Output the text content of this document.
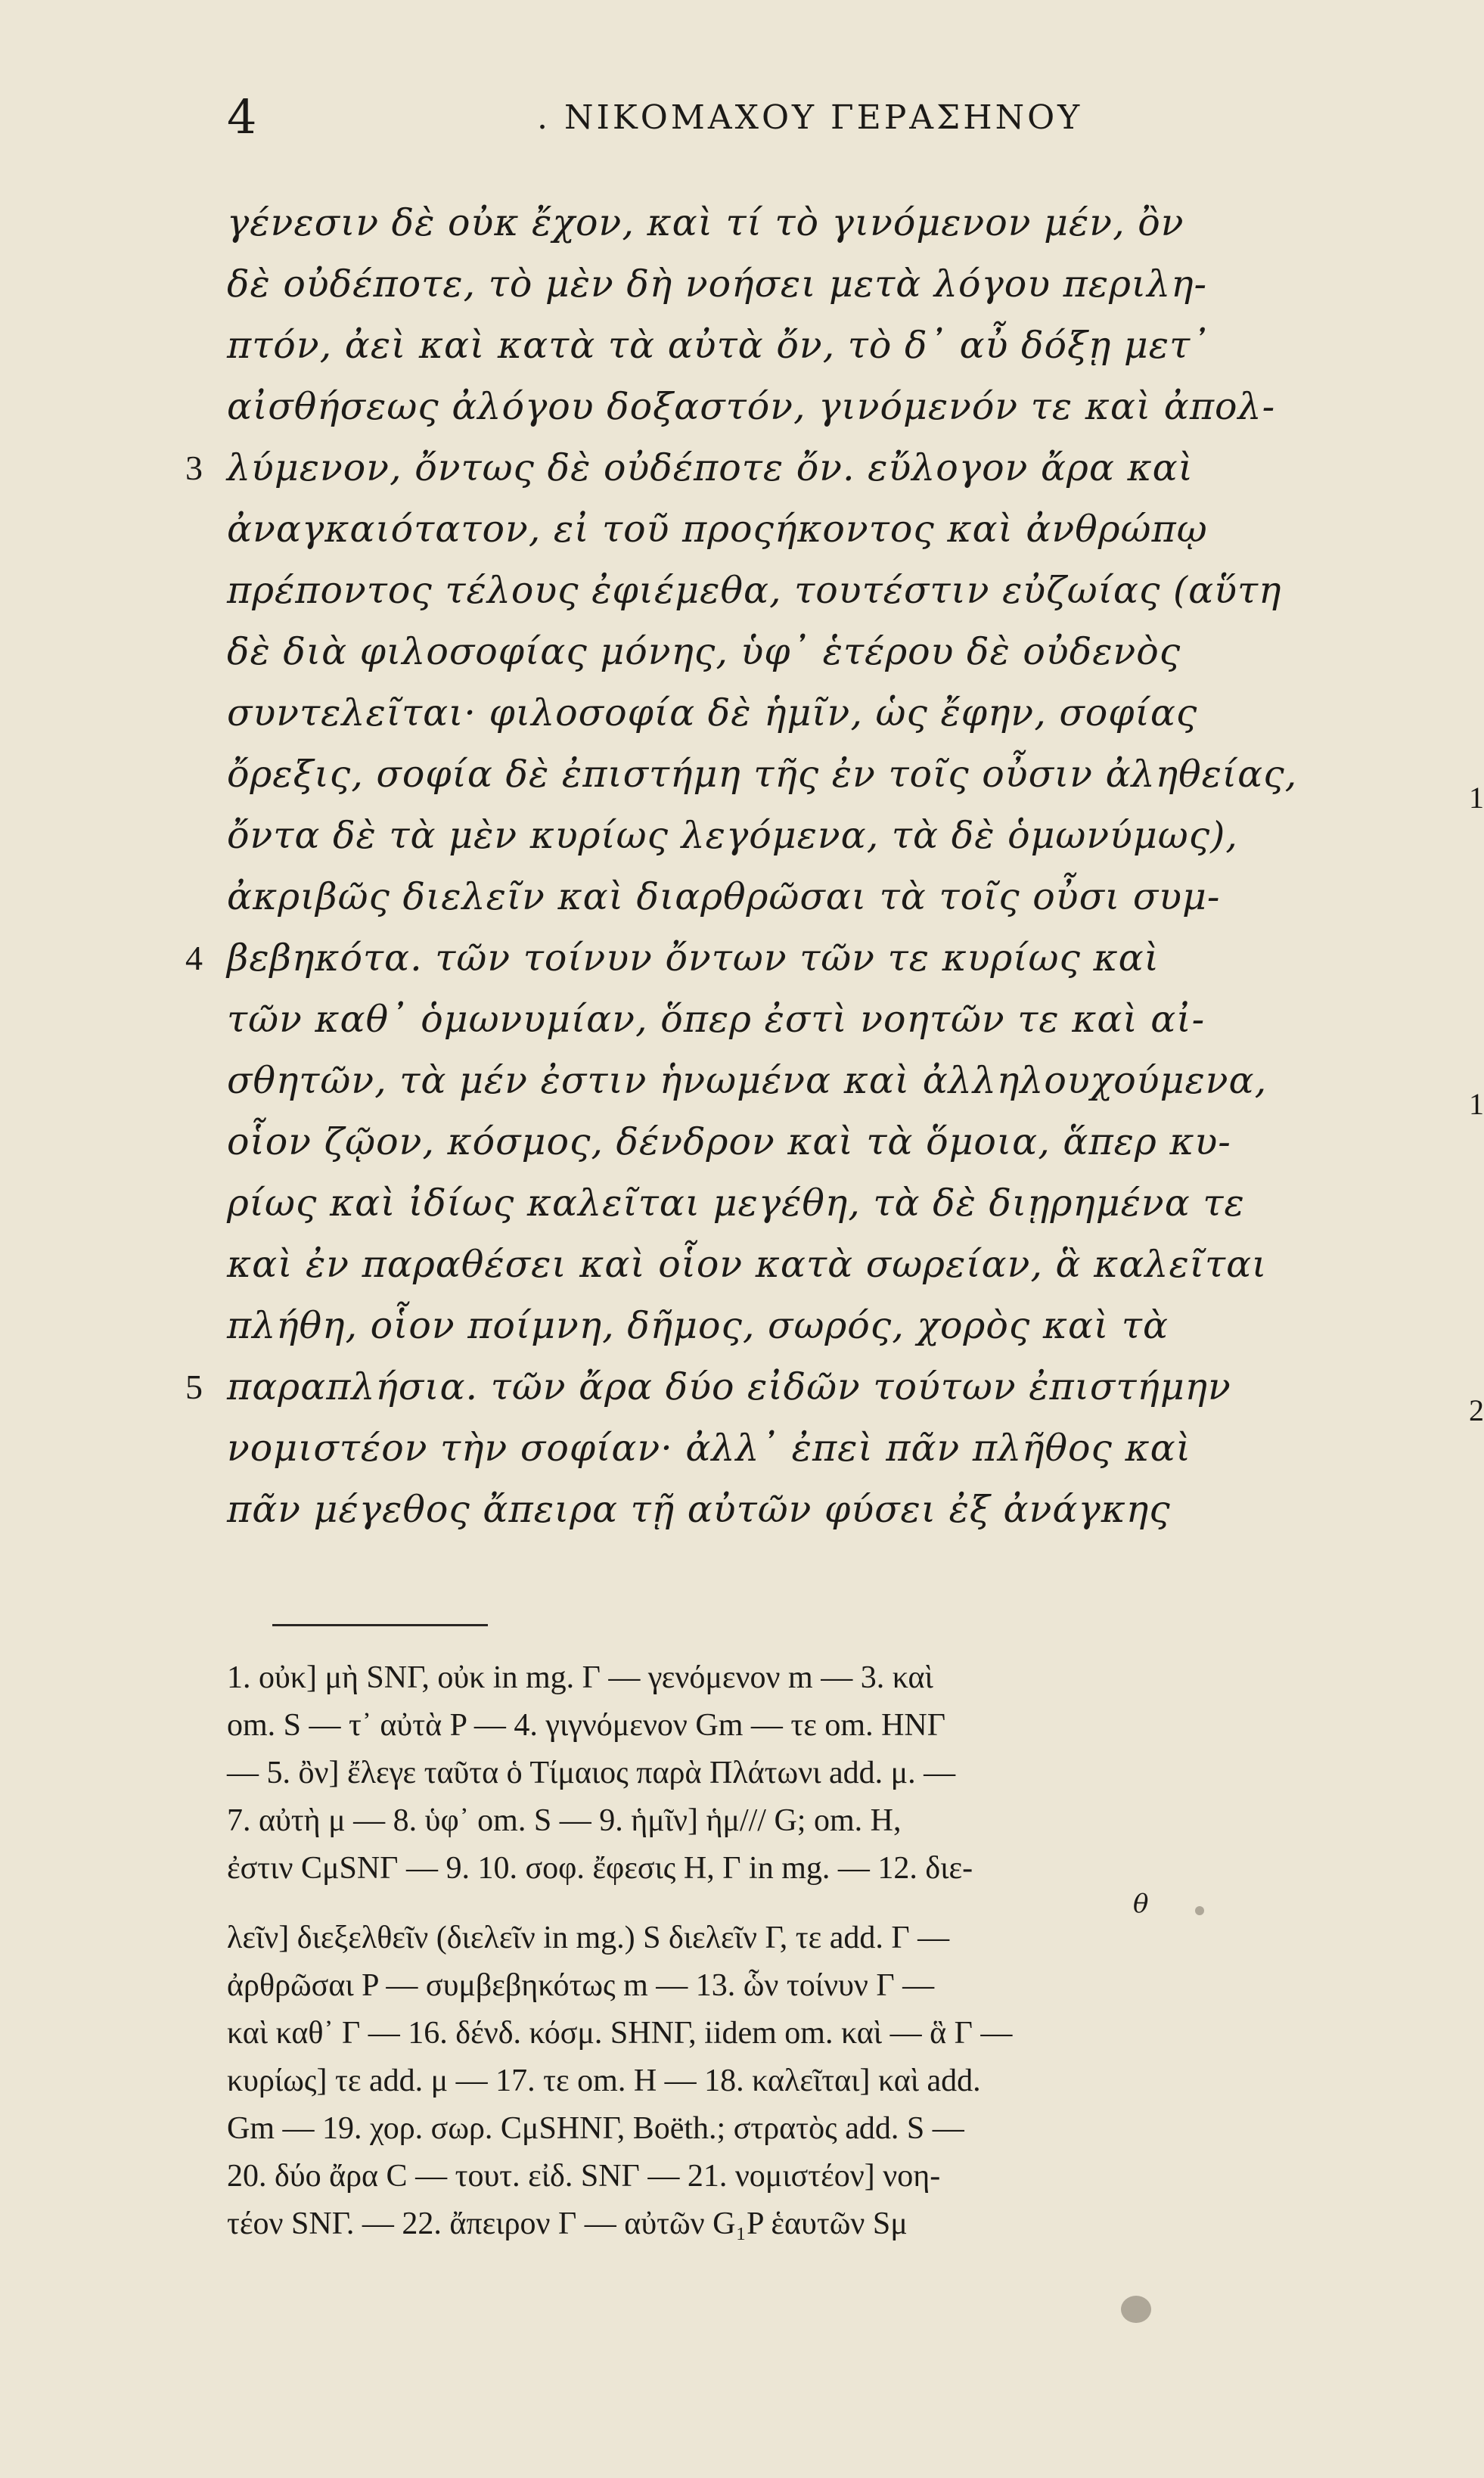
4	. ΝΙΚΟΜΑΧΟΥ ΓΕΡΑΣΗΝΟΥ
γένεσιν δὲ οὐκ ἔχον, καὶ τί τὸ γινόμενον μέν, ὂν
δὲ οὐδέποτε, τὸ μὲν δὴ νοήσει μετὰ λόγου περιλη-
πτόν, ἀεὶ καὶ κατὰ τὰ αὐτὰ ὄν, τὸ δ᾽ αὖ δόξῃ μετ᾽
αἰσθήσεως ἀλόγου δοξαστόν, γινόμενόν τε καὶ ἀπολ-
λύμενον, ὄντως δὲ οὐδέποτε ὄν. εὔλογον ἄρα καὶ
ἀναγκαιότατον, εἰ τοῦ προςήκοντος καὶ ἀνθρώπῳ
πρέποντος τέλους ἐφιέμεθα, τουτέστιν εὐζωίας (αὕτη
δὲ διὰ φιλοσοφίας μόνης, ὑφ᾽ ἑτέρου δὲ οὐδενὸς
συντελεῖται· φιλοσοφία δὲ ἡμῖν, ὡς ἔφην, σοφίας
ὄρεξις, σοφία δὲ ἐπιστήμη τῆς ἐν τοῖς οὖσιν ἀληθείας,
ὄντα δὲ τὰ μὲν κυρίως λεγόμενα, τὰ δὲ ὁμωνύμως),
ἀκριβῶς διελεῖν καὶ διαρθρῶσαι τὰ τοῖς οὖσι συμ-
βεβηκότα. τῶν τοίνυν ὄντων τῶν τε κυρίως καὶ
τῶν καθ᾽ ὁμωνυμίαν, ὅπερ ἐστὶ νοητῶν τε καὶ αἰ-
σθητῶν, τὰ μέν ἐστιν ἡνωμένα καὶ ἀλληλουχούμενα,
οἷον ζῷον, κόσμος, δένδρον καὶ τὰ ὅμοια, ἅπερ κυ-
ρίως καὶ ἰδίως καλεῖται μεγέθη, τὰ δὲ διῃρημένα τε
καὶ ἐν παραθέσει καὶ οἷον κατὰ σωρείαν, ἃ καλεῖται
πλήθη, οἷον ποίμνη, δῆμος, σωρός, χορὸς καὶ τὰ
παραπλήσια. τῶν ἄρα δύο εἰδῶν τούτων ἐπιστήμην
νομιστέον τὴν σοφίαν· ἀλλ᾽ ἐπεὶ πᾶν πλῆθος καὶ
πᾶν μέγεθος ἄπειρα τῇ αὐτῶν φύσει ἐξ ἀνάγκης
3
4
5
1
1
2
1. οὐκ] μὴ SNΓ, οὐκ in mg. Γ — γενόμενον m — 3. καὶ
om. S — τ᾽ αὐτὰ P — 4. γιγνόμενον Gm — τε om. ΗΝΓ
— 5. ὂν] ἔλεγε ταῦτα ὁ Τίμαιος παρὰ Πλάτωνι add. μ. —
7. αὐτὴ μ — 8. ὑφ᾽ om. S — 9. ἡμῖν] ἡμ/// G; om. H,
ἐστιν CμSNΓ — 9. 10. σοφ. ἔφεσις H, Γ in mg. — 12. διε-
λεῖν] διεξελθεῖν (διελεῖν in mg.) S διελεῖν Γ, τε add. Γ —
ἀρθρῶσαι P — συμβεβηκότως m — 13. ὧν τοίνυν Γ —
καὶ καθ᾽ Γ — 16. δένδ. κόσμ. SΗΝΓ, iidem om. καὶ — ἃ Γ —
κυρίως] τε add. μ — 17. τε om. H — 18. καλεῖται] καὶ add.
Gm — 19. χορ. σωρ. CμSΗΝΓ, Boëth.; στρατὸς add. S —
20. δύο ἄρα C — τουτ. εἰδ. SNΓ — 21. νομιστέον] νοη-
τέον SNΓ. — 22. ἄπειρον Γ — αὐτῶν G₁P ἑαυτῶν Sμ
θ
